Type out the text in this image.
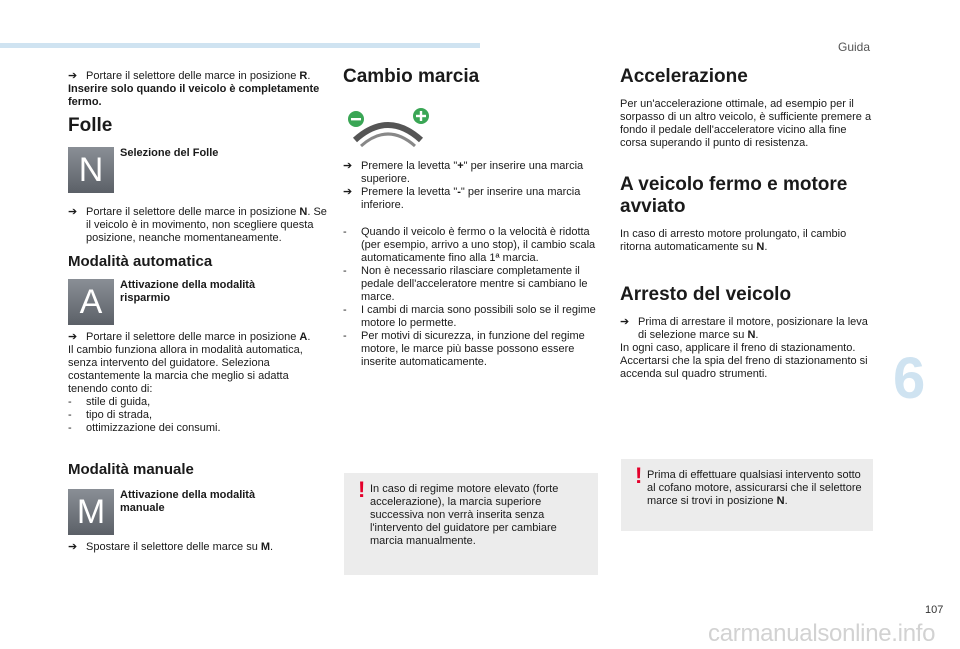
Guida
6
107
carmanualsonline.info

➔ Portare il selettore delle marce in posizione R.

Inserire solo quando il veicolo è completamente fermo.

Folle
N	Selezione del Folle

➔ Portare il selettore delle marce in posizione N. Se il veicolo è in movimento, non scegliere questa posizione, neanche momentaneamente.

Modalità automatica
A	Attivazione della modalità risparmio

➔ Portare il selettore delle marce in posizione A.

Il cambio funziona allora in modalità automatica, senza intervento del guidatore. Seleziona costantemente la marcia che meglio si adatta tenendo conto di:

- stile di guida,

- tipo di strada,

- ottimizzazione dei consumi.

Modalità manuale
M	Attivazione della modalità manuale

➔ Spostare il selettore delle marce su M.

Cambio marcia

➔ Premere la levetta "+" per inserire una marcia superiore.

➔ Premere la levetta "-" per inserire una marcia inferiore.

- Quando il veicolo è fermo o la velocità è ridotta (per esempio, arrivo a uno stop), il cambio scala automaticamente fino alla 1ª marcia.

- Non è necessario rilasciare completamente il pedale dell'acceleratore mentre si cambiano le marce.

- I cambi di marcia sono possibili solo se il regime motore lo permette.

- Per motivi di sicurezza, in funzione del regime motore, le marce più basse possono essere inserite automaticamente.

! In caso di regime motore elevato (forte accelerazione), la marcia superiore successiva non verrà inserita senza l'intervento del guidatore per cambiare marcia manualmente.

Accelerazione

Per un'accelerazione ottimale, ad esempio per il sorpasso di un altro veicolo, è sufficiente premere a fondo il pedale dell'acceleratore vicino alla fine corsa superando il punto di resistenza.

A veicolo fermo e motore avviato

In caso di arresto motore prolungato, il cambio ritorna automaticamente su N.

Arresto del veicolo

➔ Prima di arrestare il motore, posizionare la leva di selezione marce su N.

In ogni caso, applicare il freno di stazionamento. Accertarsi che la spia del freno di stazionamento si accenda sul quadro strumenti.

! Prima di effettuare qualsiasi intervento sotto al cofano motore, assicurarsi che il selettore marce si trovi in posizione N.
